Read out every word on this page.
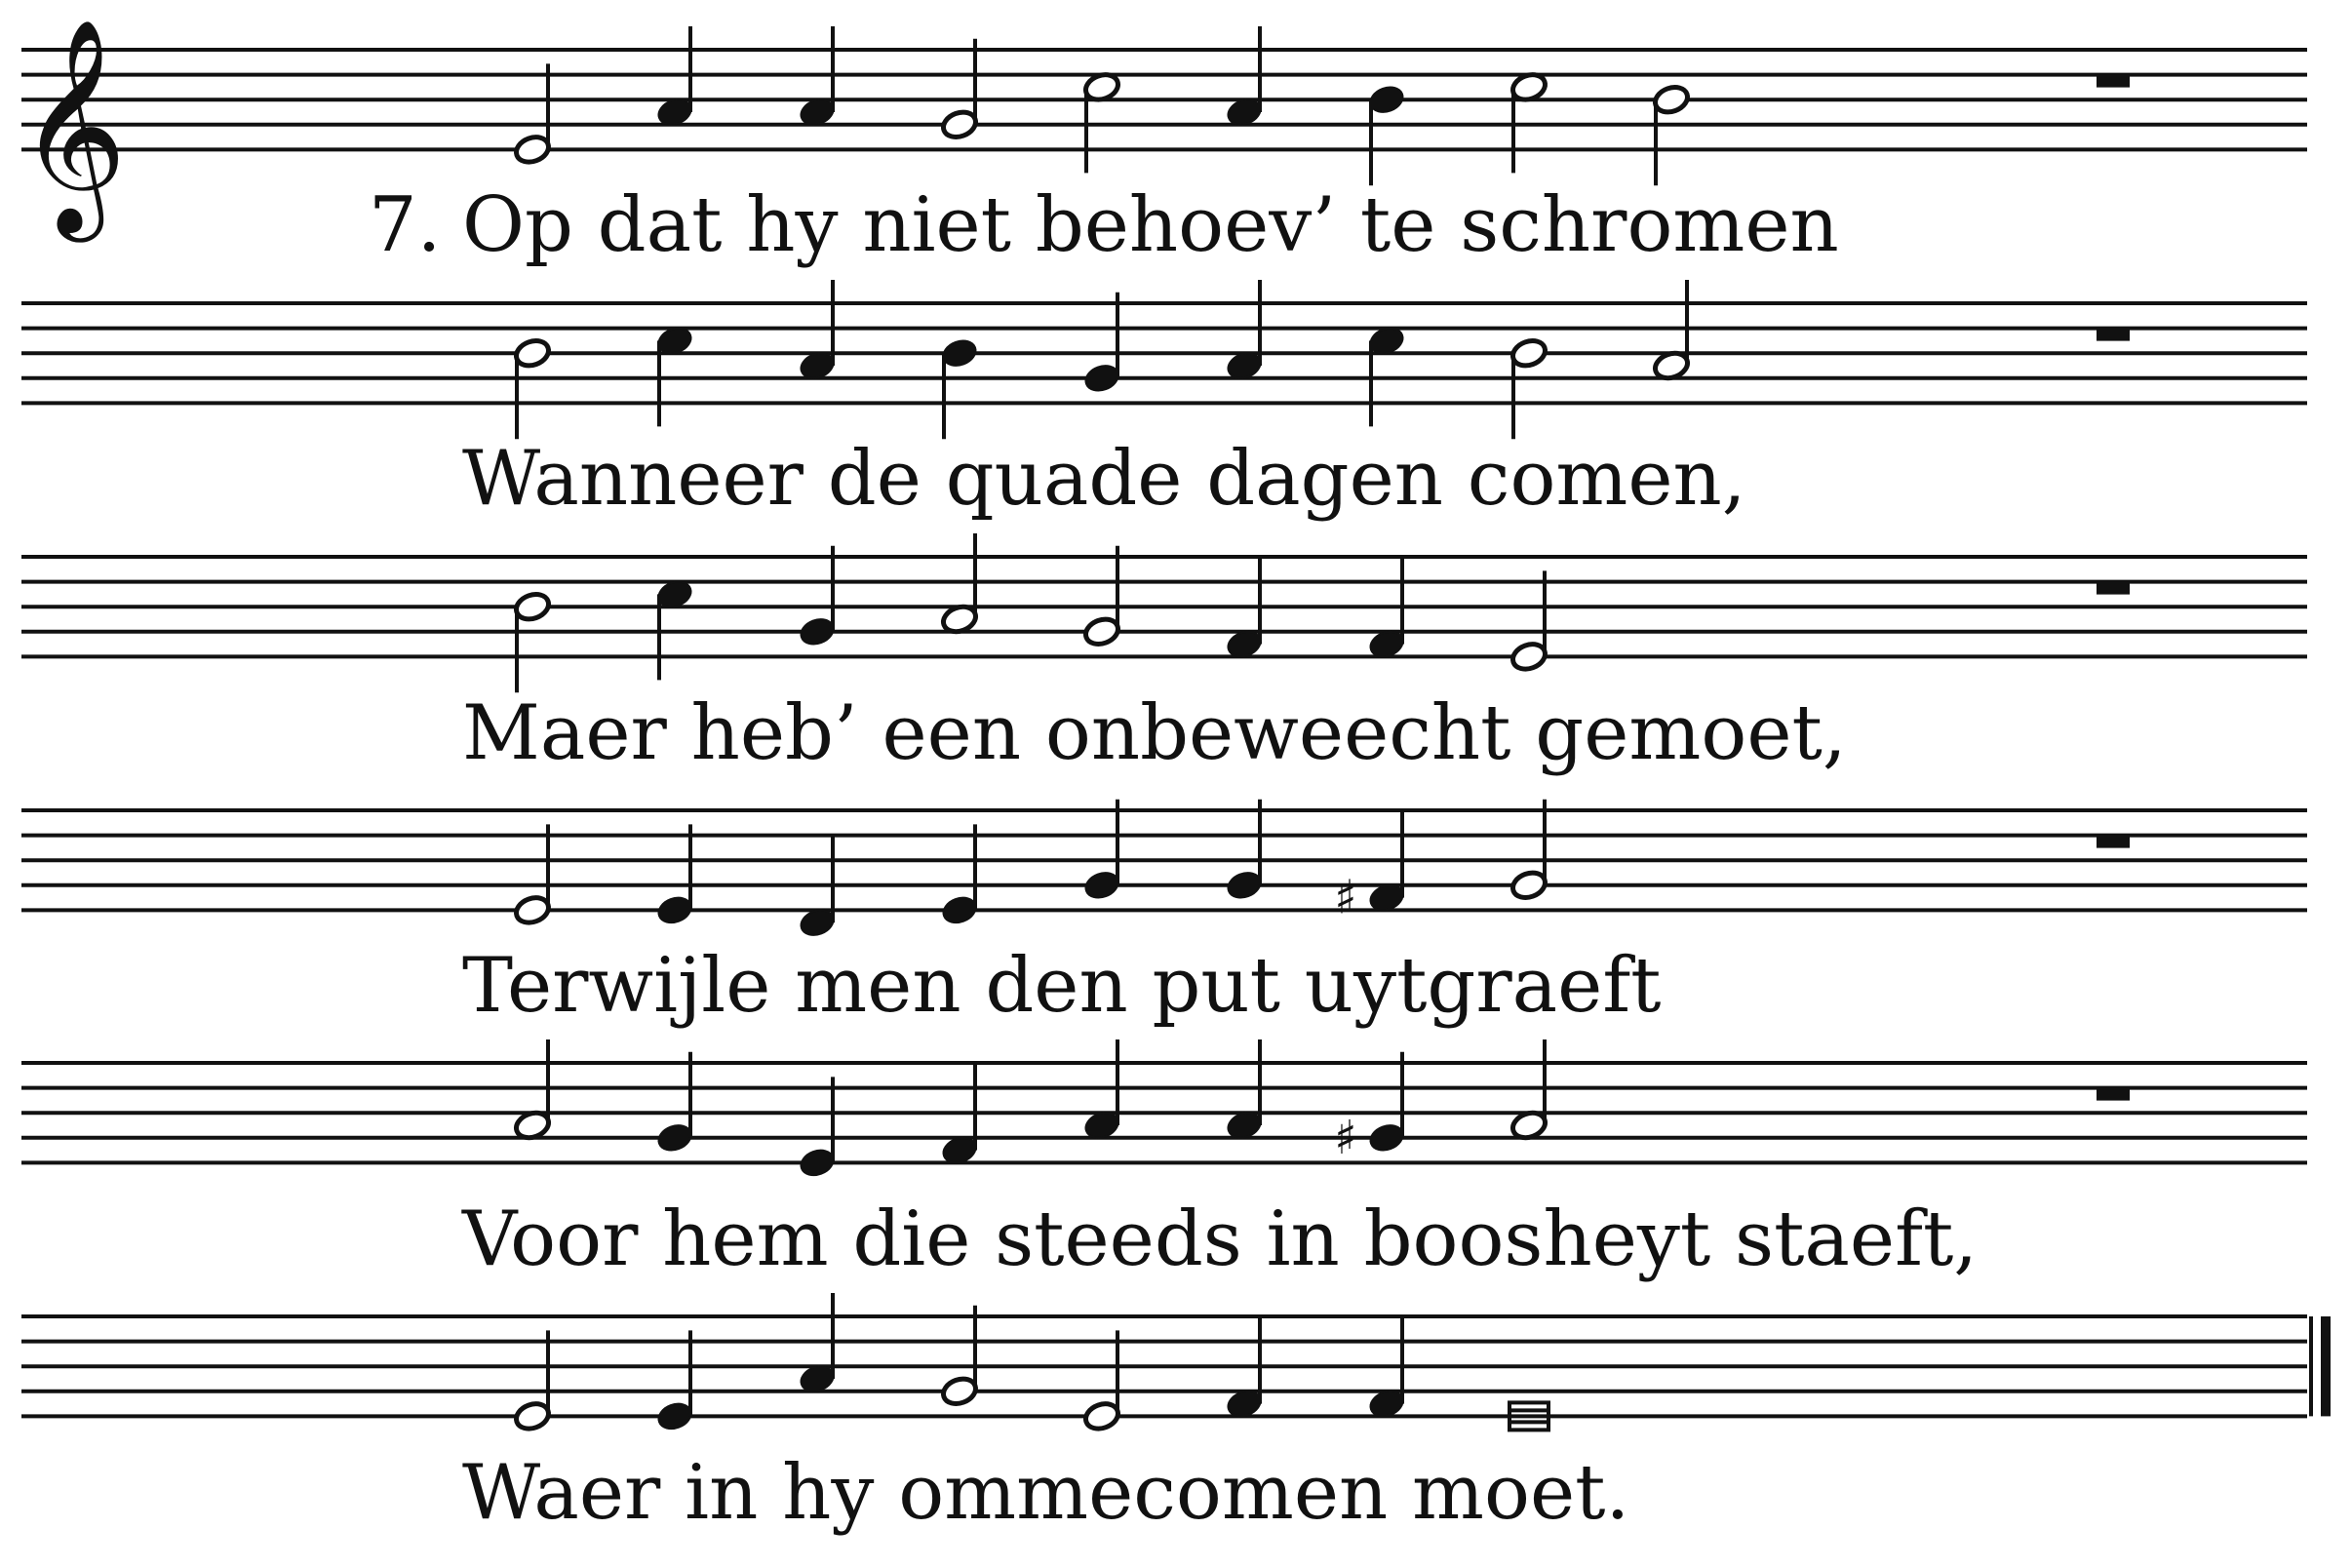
𝄞
♯
♯
7. Op dat hy niet behoev’ te schromen
Wanneer de quade dagen comen,
Maer heb’ een onbeweecht gemoet,
Terwijle men den put uytgraeft
Voor hem die steeds in boosheyt staeft,
Waer in hy ommecomen moet.
